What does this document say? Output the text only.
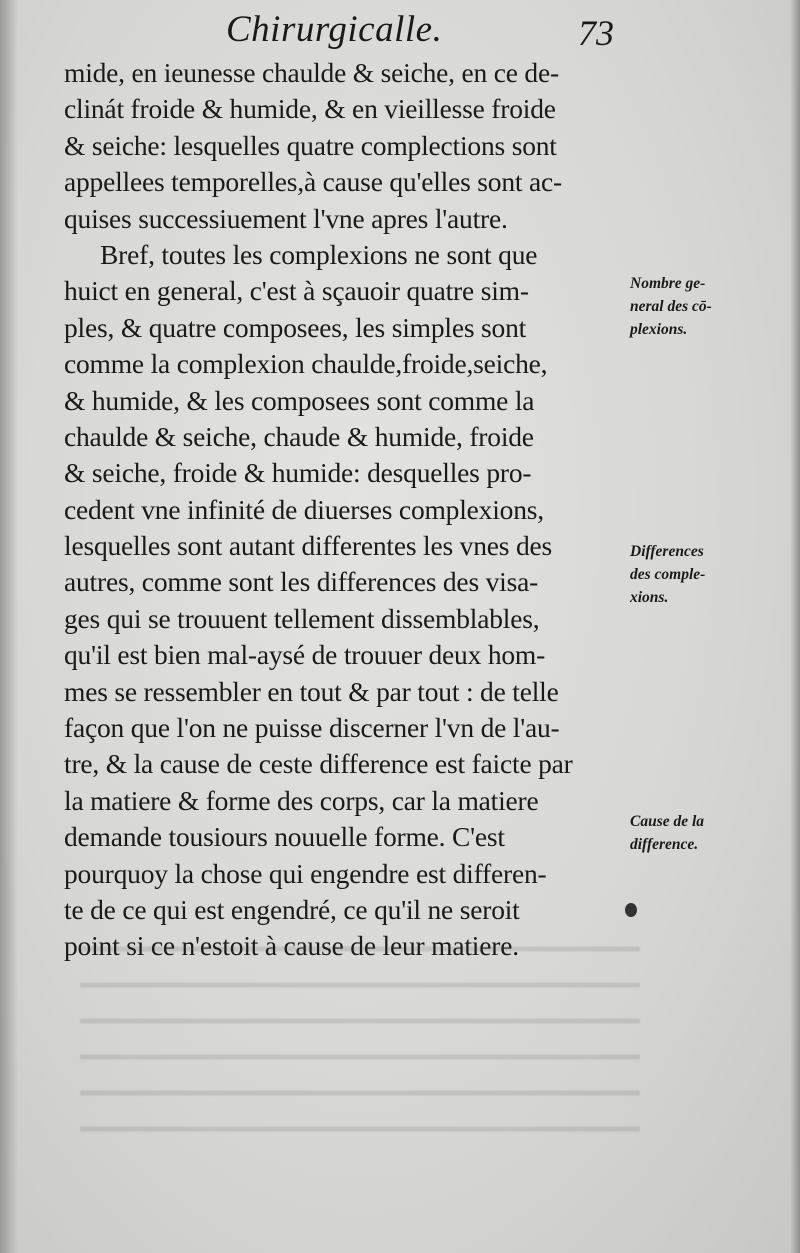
Chirurgicalle.	73
mide, en ieunesse chaulde & seiche, en ce de-
clinát froide & humide, & en vieillesse froide
& seiche: lesquelles quatre complections sont
appellees temporelles,à cause qu'elles sont ac-
quises successiuement l'vne apres l'autre.
Bref, toutes les complexions ne sont que
huict en general, c'est à sçauoir quatre sim-
ples, & quatre composees, les simples sont
comme la complexion chaulde,froide,seiche,
& humide, & les composees sont comme la
chaulde & seiche, chaude & humide, froide
& seiche, froide & humide: desquelles pro-
cedent vne infinité de diuerses complexions,
lesquelles sont autant differentes les vnes des
autres, comme sont les differences des visa-
ges qui se trouuent tellement dissemblables,
qu'il est bien mal-aysé de trouuer deux hom-
mes se ressembler en tout & par tout : de telle
façon que l'on ne puisse discerner l'vn de l'au-
tre, & la cause de ceste difference est faicte par
la matiere & forme des corps, car la matiere
demande tousiours nouuelle forme. C'est
pourquoy la chose qui engendre est differen-
te de ce qui est engendré, ce qu'il ne seroit
point si ce n'estoit à cause de leur matiere.
Nombre ge-
neral des cō-
plexions.
Differences
des comple-
xions.
Cause de la
difference.
